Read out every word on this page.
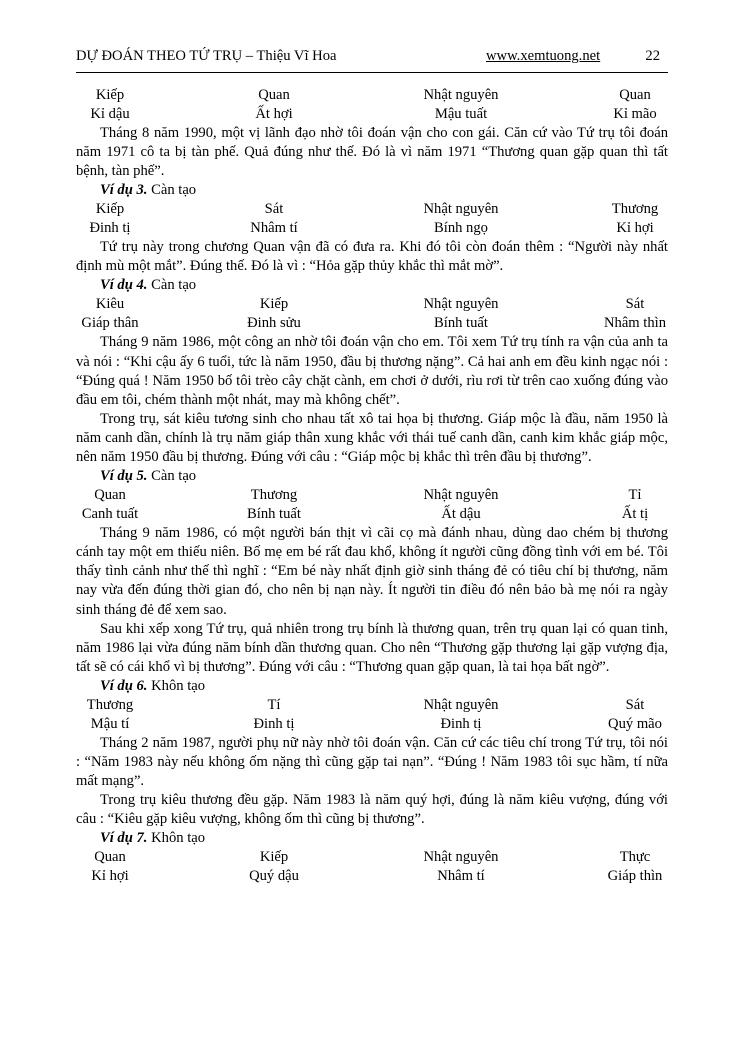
DỰ ĐOÁN THEO TỨ TRỤ – Thiệu Vĩ Hoa	www.xemtuong.net	22
Kiếp	Quan	Nhật nguyên	Quan
Kỉ dậu	Ất hợi	Mậu tuất	Kỉ mão

Tháng 8 năm 1990, một vị lãnh đạo nhờ tôi đoán vận cho con gái. Căn cứ vào Tứ trụ tôi đoán năm 1971 cô ta bị tàn phế. Quả đúng như thế. Đó là vì năm 1971 “Thương quan gặp quan thì tất bệnh, tàn phế”.

Ví dụ 3. Càn tạo
Kiếp	Sát	Nhật nguyên	Thương
Đinh tị	Nhâm tí	Bính ngọ	Kỉ hợi

Tứ trụ này trong chương Quan vận đã có đưa ra. Khi đó tôi còn đoán thêm : “Người này nhất định mù một mắt”. Đúng thế. Đó là vì : “Hỏa gặp thủy khắc thì mắt mờ”.

Ví dụ 4. Càn tạo
Kiêu	Kiếp	Nhật nguyên	Sát
Giáp thân	Đinh sửu	Bính tuất	Nhâm thìn

Tháng 9 năm 1986, một công an nhờ tôi đoán vận cho em. Tôi xem Tứ trụ tính ra vận của anh ta và nói : “Khi cậu ấy 6 tuổi, tức là năm 1950, đầu bị thương nặng”. Cả hai anh em đều kinh ngạc nói : “Đúng quá ! Năm 1950 bố tôi trèo cây chặt cành, em chơi ở dưới, rìu rơi từ trên cao xuống đúng vào đầu em tôi, chém thành một nhát, may mà không chết”.

Trong trụ, sát kiêu tương sinh cho nhau tất xô tai họa bị thương. Giáp mộc là đầu, năm 1950 là năm canh dần, chính là trụ năm giáp thân xung khắc với thái tuế canh dần, canh kim khắc giáp mộc, nên năm 1950 đầu bị thương. Đúng với câu : “Giáp mộc bị khắc thì trên đầu bị thương”.

Ví dụ 5. Càn tạo
Quan	Thương	Nhật nguyên	Tỉ
Canh tuất	Bính tuất	Ất dậu	Ất tị

Tháng 9 năm 1986, có một người bán thịt vì cãi cọ mà đánh nhau, dùng dao chém bị thương cánh tay một em thiếu niên. Bố mẹ em bé rất đau khổ, không ít người cũng đồng tình với em bé. Tôi thấy tình cảnh như thế thì nghĩ : “Em bé này nhất định giờ sinh tháng đẻ có tiêu chí bị thương, năm nay vừa đến đúng thời gian đó, cho nên bị nạn này. Ít người tin điều đó nên bảo bà mẹ nói ra ngày sinh tháng đẻ để xem sao.

Sau khi xếp xong Tứ trụ, quả nhiên trong trụ bính là thương quan, trên trụ quan lại có quan tinh, năm 1986 lại vừa đúng năm bính dần thương quan. Cho nên “Thương gặp thương lại gặp vượng địa, tất sẽ có cái khổ vì bị thương”. Đúng với câu : “Thương quan gặp quan, là tai họa bất ngờ”.

Ví dụ 6. Khôn tạo
Thương	Tí	Nhật nguyên	Sát
Mậu tí	Đinh tị	Đinh tị	Quý mão

Tháng 2 năm 1987, người phụ nữ này nhờ tôi đoán vận. Căn cứ các tiêu chí trong Tứ trụ, tôi nói : “Năm 1983 này nếu không ốm nặng thì cũng gặp tai nạn”. “Đúng ! Năm 1983 tôi sục hầm, tí nữa mất mạng”.

Trong trụ kiêu thương đều gặp. Năm 1983 là năm quý hợi, đúng là năm kiêu vượng, đúng với câu : “Kiêu gặp kiêu vượng, không ốm thì cũng bị thương”.

Ví dụ 7. Khôn tạo
Quan	Kiếp	Nhật nguyên	Thực
Kỉ hợi	Quý dậu	Nhâm tí	Giáp thìn
